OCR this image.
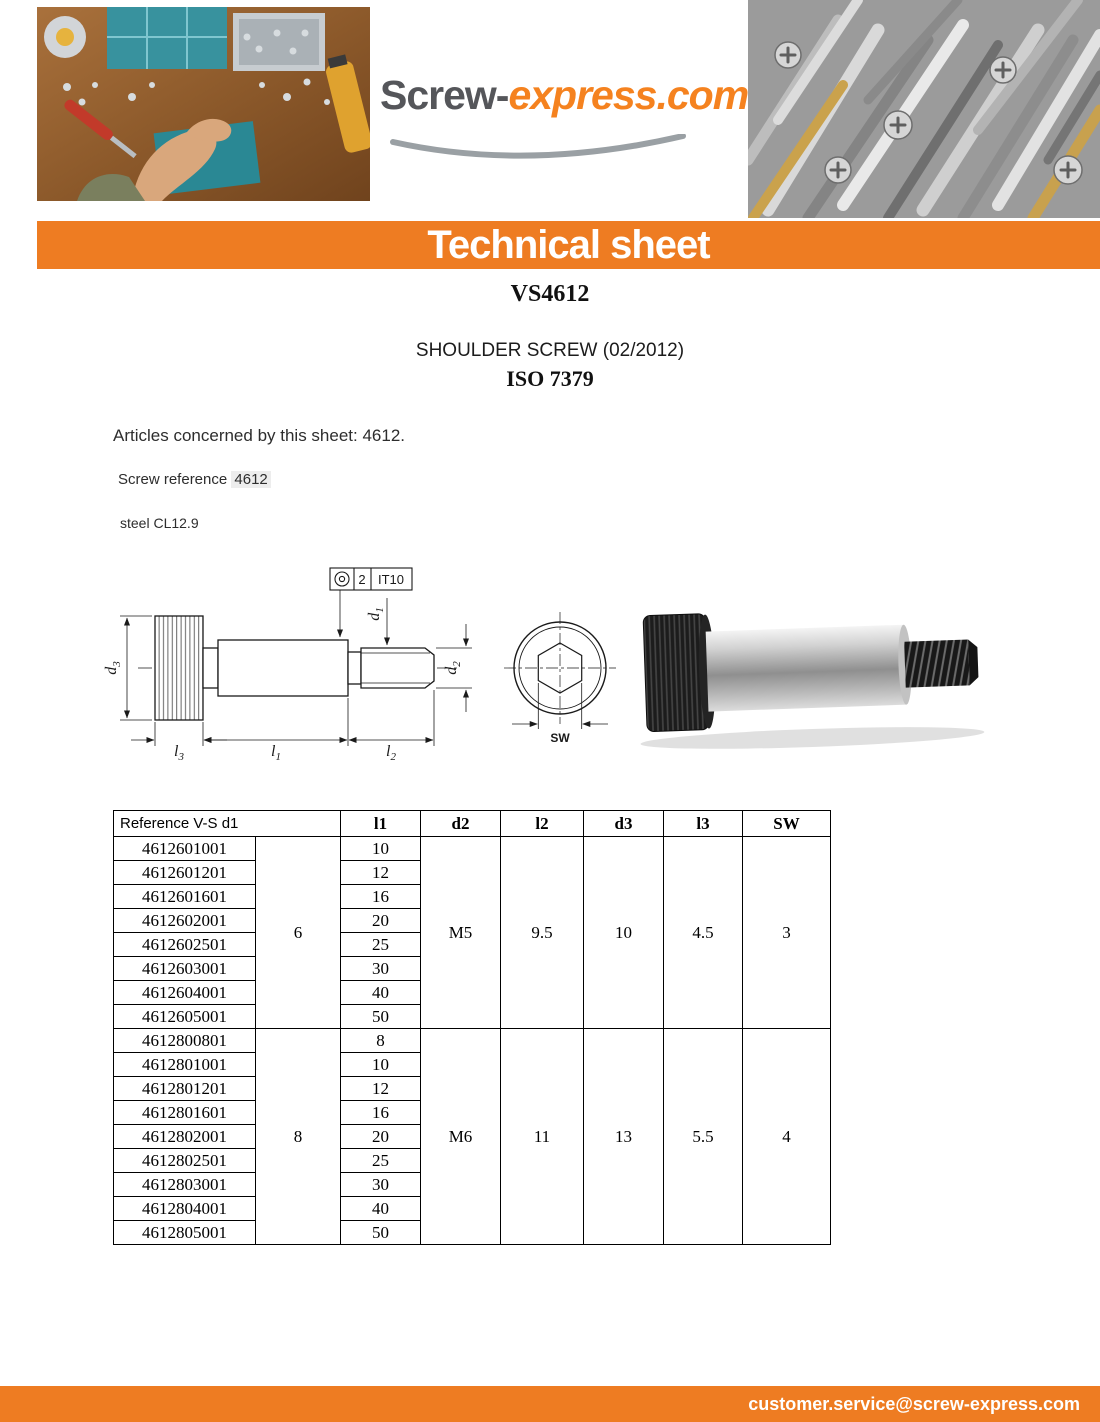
Screw-express.com
Technical sheet
VS4612
SHOULDER SCREW (02/2012)
ISO 7379
Articles concerned by this sheet: 4612.
Screw reference 4612
steel CL12.9
2 IT10
$d_3$
$l_3$	$l_1$	$l_2$
$d_1$
$d_2$
SW
Reference V-S d1		l1	d2	l2	d3	l3	SW
4612601001	6	10	M5	9.5	10	4.5	3
4612601201		12					
4612601601		16					
4612602001		20					
4612602501		25					
4612603001		30					
4612604001		40					
4612605001		50					
4612800801	8	8	M6	11	13	5.5	4
4612801001		10					
4612801201		12					
4612801601		16					
4612802001		20					
4612802501		25					
4612803001		30					
4612804001		40					
4612805001		50					
customer.service@screw-express.com
